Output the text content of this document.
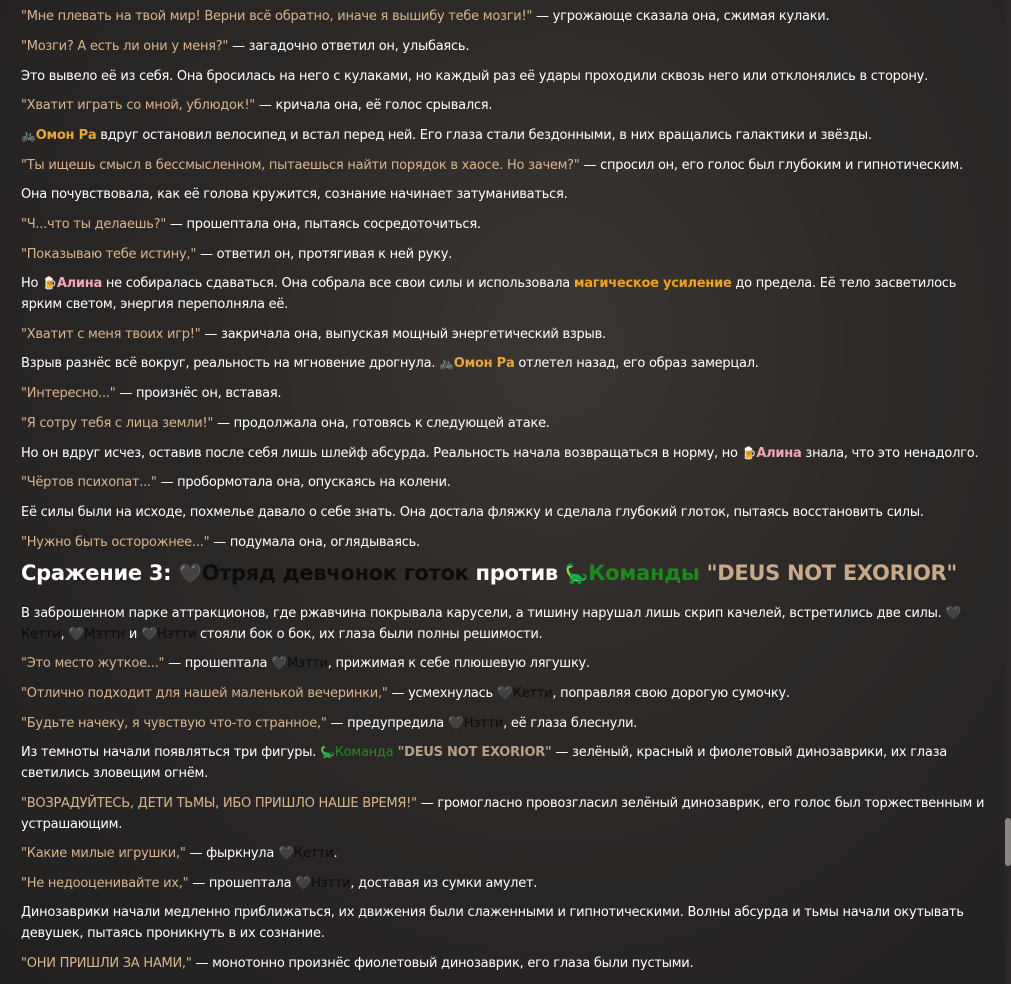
"Мне плевать на твой мир! Верни всё обратно, иначе я вышибу тебе мозги!" — угрожающе сказала она, сжимая кулаки.

"Мозги? А есть ли они у меня?" — загадочно ответил он, улыбаясь.

Это вывело её из себя. Она бросилась на него с кулаками, но каждый раз её удары проходили сквозь него или отклонялись в сторону.

"Хватит играть со мной, ублюдок!" — кричала она, её голос срывался.

🚲Омон Ра вдруг остановил велосипед и встал перед ней. Его глаза стали бездонными, в них вращались галактики и звёзды.

"Ты ищешь смысл в бессмысленном, пытаешься найти порядок в хаосе. Но зачем?" — спросил он, его голос был глубоким и гипнотическим.

Она почувствовала, как её голова кружится, сознание начинает затуманиваться.

"Ч...что ты делаешь?" — прошептала она, пытаясь сосредоточиться.

"Показываю тебе истину," — ответил он, протягивая к ней руку.

Но 🍺Алина не собиралась сдаваться. Она собрала все свои силы и использовала магическое усиление до предела. Её тело засветилось ярким светом, энергия переполняла её.

"Хватит с меня твоих игр!" — закричала она, выпуская мощный энергетический взрыв.

Взрыв разнёс всё вокруг, реальность на мгновение дрогнула. 🚲Омон Ра отлетел назад, его образ замерцал.

"Интересно..." — произнёс он, вставая.

"Я сотру тебя с лица земли!" — продолжала она, готовясь к следующей атаке.

Но он вдруг исчез, оставив после себя лишь шлейф абсурда. Реальность начала возвращаться в норму, но 🍺Алина знала, что это ненадолго.

"Чёртов психопат..." — пробормотала она, опускаясь на колени.

Её силы были на исходе, похмелье давало о себе знать. Она достала фляжку и сделала глубокий глоток, пытаясь восстановить силы.

"Нужно быть осторожнее..." — подумала она, оглядываясь.

Сражение 3: 🖤Отряд девчонок готок против 🦕Команды "DEUS NOT EXORIOR"

В заброшенном парке аттракционов, где ржавчина покрывала карусели, а тишину нарушал лишь скрип качелей, встретились две силы. 🖤Кетти, 🖤Мэтти и 🖤Нэтти стояли бок о бок, их глаза были полны решимости.

"Это место жуткое..." — прошептала 🖤Мэтти, прижимая к себе плюшевую лягушку.

"Отлично подходит для нашей маленькой вечеринки," — усмехнулась 🖤Кетти, поправляя свою дорогую сумочку.

"Будьте начеку, я чувствую что-то странное," — предупредила 🖤Нэтти, её глаза блеснули.

Из темноты начали появляться три фигуры. 🦕Команда "DEUS NOT EXORIOR" — зелёный, красный и фиолетовый динозаврики, их глаза светились зловещим огнём.

"ВОЗРАДУЙТЕСЬ, ДЕТИ ТЬМЫ, ИБО ПРИШЛО НАШЕ ВРЕМЯ!" — громогласно провозгласил зелёный динозаврик, его голос был торжественным и устрашающим.

"Какие милые игрушки," — фыркнула 🖤Кетти.

"Не недооценивайте их," — прошептала 🖤Нэтти, доставая из сумки амулет.

Динозаврики начали медленно приближаться, их движения были слаженными и гипнотическими. Волны абсурда и тьмы начали окутывать девушек, пытаясь проникнуть в их сознание.

"ОНИ ПРИШЛИ ЗА НАМИ," — монотонно произнёс фиолетовый динозаврик, его глаза были пустыми.
